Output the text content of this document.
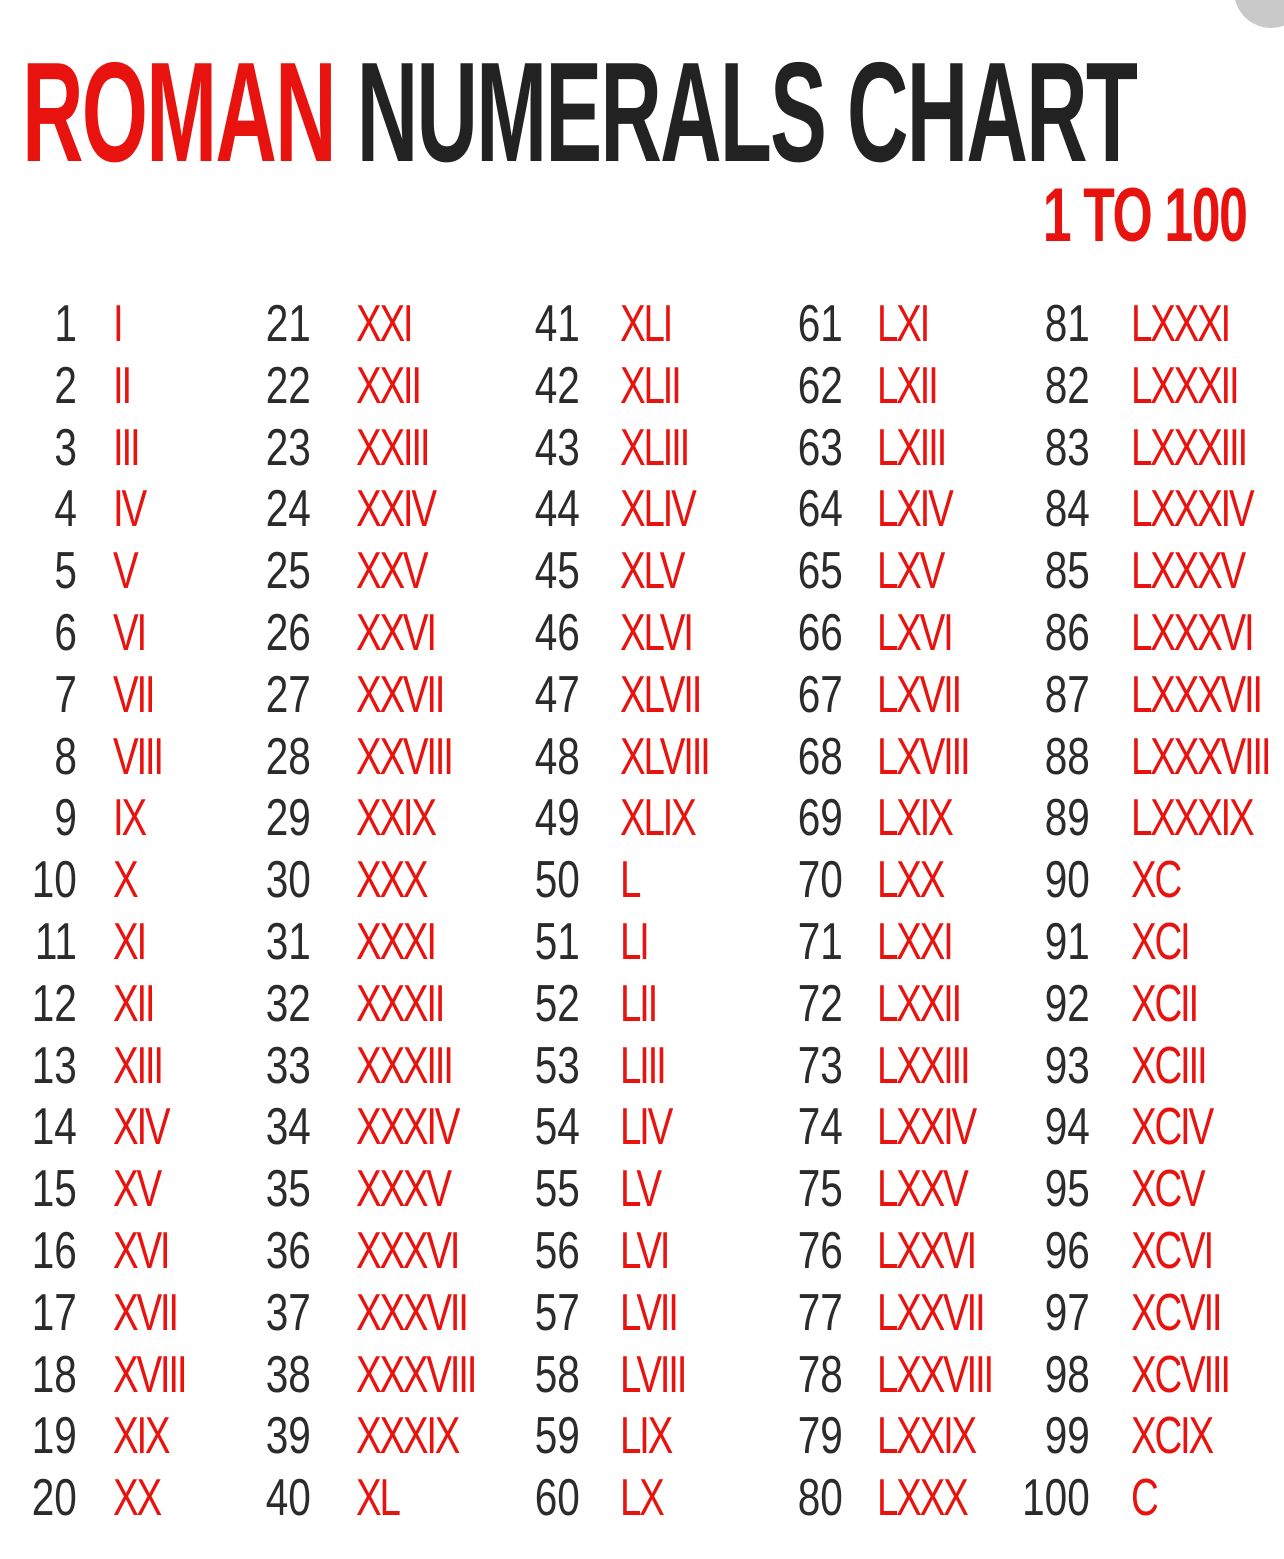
ROMAN NUMERALS CHART
1 TO 100
1 I
2 II
3 III
4 IV
5 V
6 VI
7 VII
8 VIII
9 IX
10 X
11 XI
12 XII
13 XIII
14 XIV
15 XV
16 XVI
17 XVII
18 XVIII
19 XIX
20 XX
21 XXI
22 XXII
23 XXIII
24 XXIV
25 XXV
26 XXVI
27 XXVII
28 XXVIII
29 XXIX
30 XXX
31 XXXI
32 XXXII
33 XXXIII
34 XXXIV
35 XXXV
36 XXXVI
37 XXXVII
38 XXXVIII
39 XXXIX
40 XL
41 XLI
42 XLII
43 XLIII
44 XLIV
45 XLV
46 XLVI
47 XLVII
48 XLVIII
49 XLIX
50 L
51 LI
52 LII
53 LIII
54 LIV
55 LV
56 LVI
57 LVII
58 LVIII
59 LIX
60 LX
61 LXI
62 LXII
63 LXIII
64 LXIV
65 LXV
66 LXVI
67 LXVII
68 LXVIII
69 LXIX
70 LXX
71 LXXI
72 LXXII
73 LXXIII
74 LXXIV
75 LXXV
76 LXXVI
77 LXXVII
78 LXXVIII
79 LXXIX
80 LXXX
81 LXXXI
82 LXXXII
83 LXXXIII
84 LXXXIV
85 LXXXV
86 LXXXVI
87 LXXXVII
88 LXXXVIII
89 LXXXIX
90 XC
91 XCI
92 XCII
93 XCIII
94 XCIV
95 XCV
96 XCVI
97 XCVII
98 XCVIII
99 XCIX
100 C
